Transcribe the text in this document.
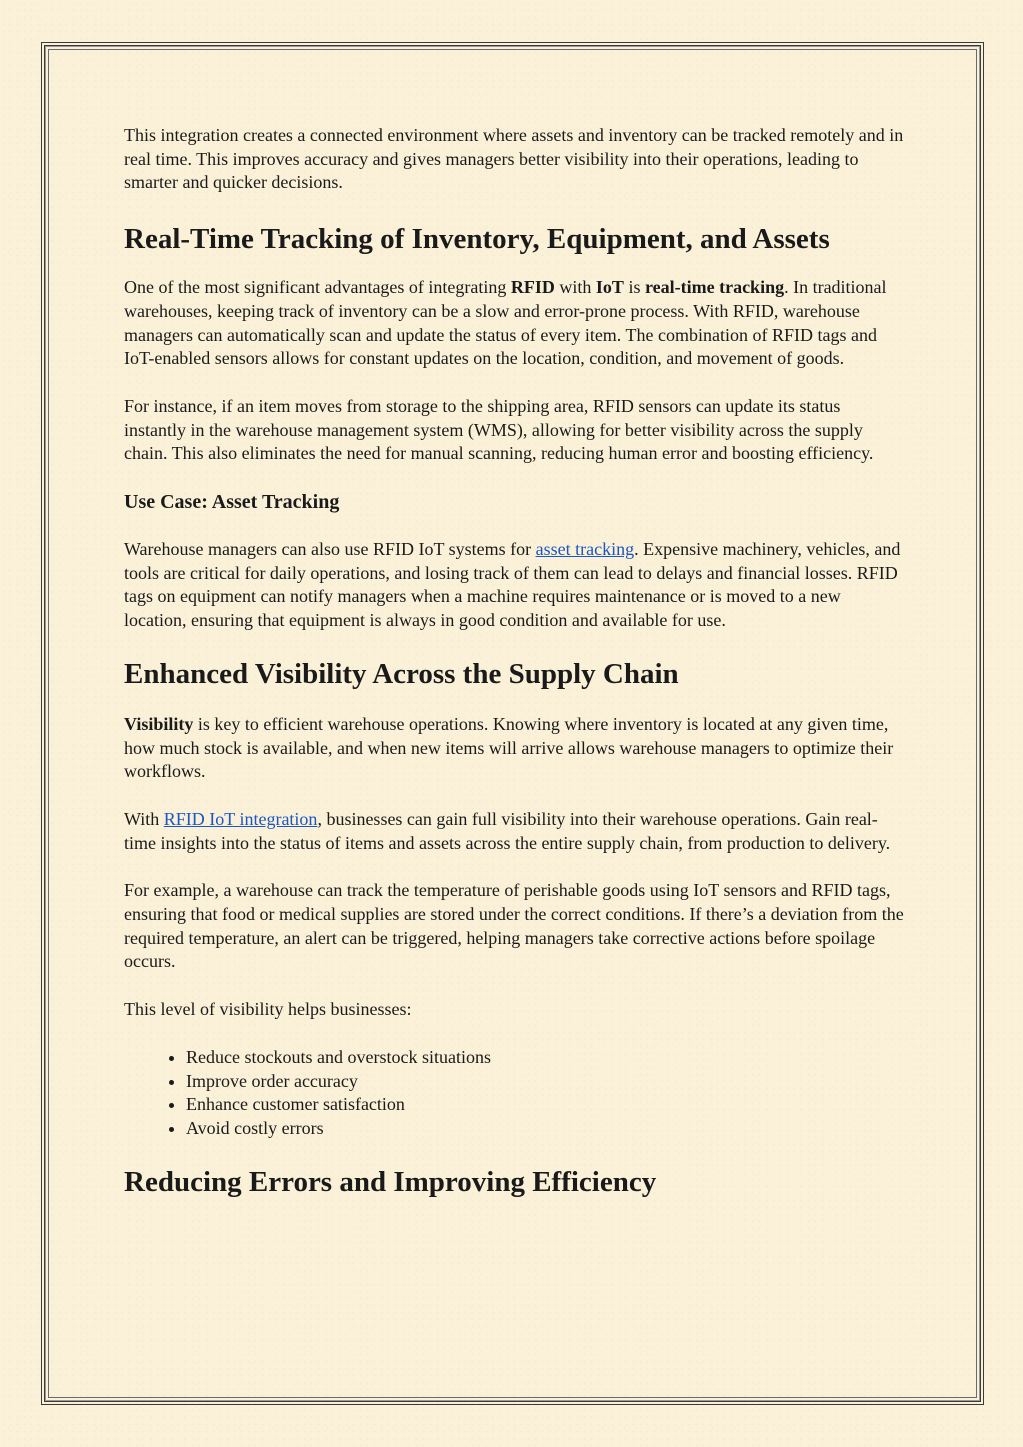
This integration creates a connected environment where assets and inventory can be tracked remotely and in real time. This improves accuracy and gives managers better visibility into their operations, leading to smarter and quicker decisions.

Real-Time Tracking of Inventory, Equipment, and Assets

One of the most significant advantages of integrating RFID with IoT is real-time tracking. In traditional warehouses, keeping track of inventory can be a slow and error-prone process. With RFID, warehouse managers can automatically scan and update the status of every item. The combination of RFID tags and IoT-enabled sensors allows for constant updates on the location, condition, and movement of goods.

For instance, if an item moves from storage to the shipping area, RFID sensors can update its status instantly in the warehouse management system (WMS), allowing for better visibility across the supply chain. This also eliminates the need for manual scanning, reducing human error and boosting efficiency.

Use Case: Asset Tracking

Warehouse managers can also use RFID IoT systems for asset tracking. Expensive machinery, vehicles, and tools are critical for daily operations, and losing track of them can lead to delays and financial losses. RFID tags on equipment can notify managers when a machine requires maintenance or is moved to a new location, ensuring that equipment is always in good condition and available for use.

Enhanced Visibility Across the Supply Chain

Visibility is key to efficient warehouse operations. Knowing where inventory is located at any given time, how much stock is available, and when new items will arrive allows warehouse managers to optimize their workflows.

With RFID IoT integration, businesses can gain full visibility into their warehouse operations. Gain real-time insights into the status of items and assets across the entire supply chain, from production to delivery.

For example, a warehouse can track the temperature of perishable goods using IoT sensors and RFID tags, ensuring that food or medical supplies are stored under the correct conditions. If there’s a deviation from the required temperature, an alert can be triggered, helping managers take corrective actions before spoilage occurs.

This level of visibility helps businesses:

• Reduce stockouts and overstock situations
• Improve order accuracy
• Enhance customer satisfaction
• Avoid costly errors
Reducing Errors and Improving Efficiency
